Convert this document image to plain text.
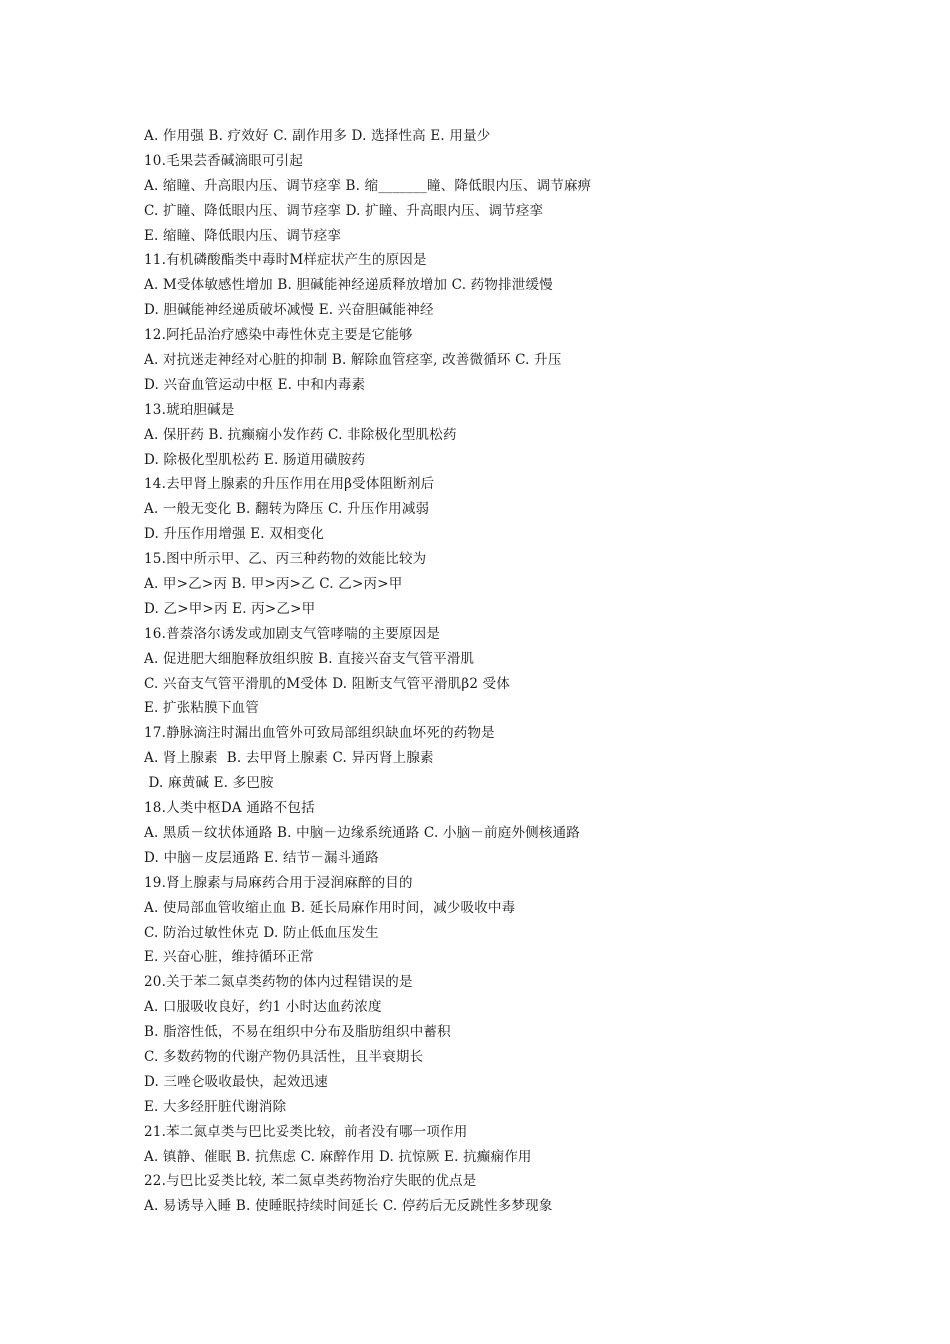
A. 作用强 B. 疗效好 C. 副作用多 D. 选择性高 E. 用量少
10.毛果芸香碱滴眼可引起
A. 缩瞳、升高眼内压、调节痉挛 B. 缩_______瞳、降低眼内压、调节麻痹
C. 扩瞳、降低眼内压、调节痉挛 D. 扩瞳、升高眼内压、调节痉挛
E. 缩瞳、降低眼内压、调节痉挛
11.有机磷酸酯类中毒时M样症状产生的原因是
A. M受体敏感性增加 B. 胆碱能神经递质释放增加 C. 药物排泄缓慢
D. 胆碱能神经递质破坏减慢 E. 兴奋胆碱能神经
12.阿托品治疗感染中毒性休克主要是它能够
A. 对抗迷走神经对心脏的抑制 B. 解除血管痉挛, 改善微循环 C. 升压
D. 兴奋血管运动中枢 E. 中和内毒素
13.琥珀胆碱是
A. 保肝药 B. 抗癫痫小发作药 C. 非除极化型肌松药
D. 除极化型肌松药 E. 肠道用磺胺药
14.去甲肾上腺素的升压作用在用β受体阻断剂后
A. 一般无变化 B. 翻转为降压 C. 升压作用减弱
D. 升压作用增强 E. 双相变化
15.图中所示甲、乙、丙三种药物的效能比较为
A. 甲>乙>丙 B. 甲>丙>乙 C. 乙>丙>甲
D. 乙>甲>丙 E. 丙>乙>甲
16.普萘洛尔诱发或加剧支气管哮喘的主要原因是
A. 促进肥大细胞释放组织胺 B. 直接兴奋支气管平滑肌
C. 兴奋支气管平滑肌的M受体 D. 阻断支气管平滑肌β2 受体
E. 扩张粘膜下血管
17.静脉滴注时漏出血管外可致局部组织缺血坏死的药物是
A. 肾上腺素  B. 去甲肾上腺素 C. 异丙肾上腺素
D. 麻黄碱 E. 多巴胺
18.人类中枢DA 通路不包括
A. 黑质－纹状体通路 B. 中脑－边缘系统通路 C. 小脑－前庭外侧核通路
D. 中脑－皮层通路 E. 结节－漏斗通路
19.肾上腺素与局麻药合用于浸润麻醉的目的
A. 使局部血管收缩止血 B. 延长局麻作用时间，减少吸收中毒
C. 防治过敏性休克 D. 防止低血压发生
E. 兴奋心脏，维持循环正常
20.关于苯二氮卓类药物的体内过程错误的是
A. 口服吸收良好，约1 小时达血药浓度
B. 脂溶性低，不易在组织中分布及脂肪组织中蓄积
C. 多数药物的代谢产物仍具活性，且半衰期长
D. 三唑仑吸收最快，起效迅速
E. 大多经肝脏代谢消除
21.苯二氮卓类与巴比妥类比较，前者没有哪一项作用
A. 镇静、催眠 B. 抗焦虑 C. 麻醉作用 D. 抗惊厥 E. 抗癫痫作用
22.与巴比妥类比较, 苯二氮卓类药物治疗失眠的优点是
A. 易诱导入睡 B. 使睡眠持续时间延长 C. 停药后无反跳性多梦现象
